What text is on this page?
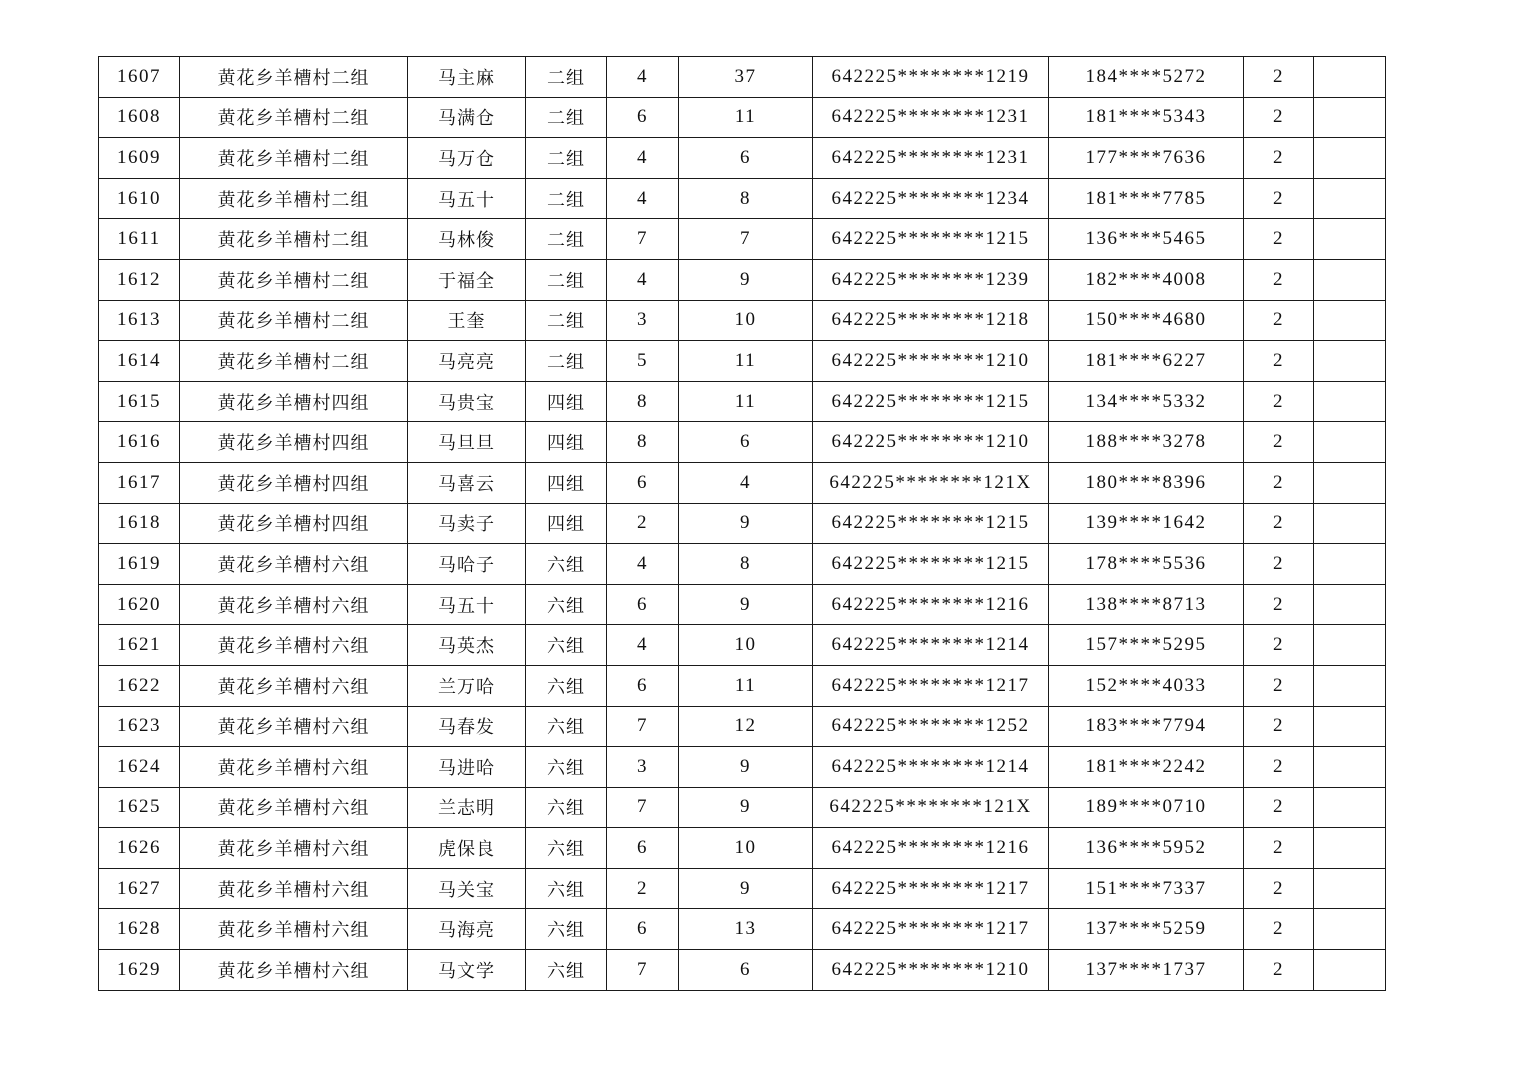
1607	黄花乡羊槽村二组	马主麻	二组	4	37	642225********1219	184****5272	2	
1608	黄花乡羊槽村二组	马满仓	二组	6	11	642225********1231	181****5343	2	
1609	黄花乡羊槽村二组	马万仓	二组	4	6	642225********1231	177****7636	2	
1610	黄花乡羊槽村二组	马五十	二组	4	8	642225********1234	181****7785	2	
1611	黄花乡羊槽村二组	马林俊	二组	7	7	642225********1215	136****5465	2	
1612	黄花乡羊槽村二组	于福全	二组	4	9	642225********1239	182****4008	2	
1613	黄花乡羊槽村二组	王奎	二组	3	10	642225********1218	150****4680	2	
1614	黄花乡羊槽村二组	马亮亮	二组	5	11	642225********1210	181****6227	2	
1615	黄花乡羊槽村四组	马贵宝	四组	8	11	642225********1215	134****5332	2	
1616	黄花乡羊槽村四组	马旦旦	四组	8	6	642225********1210	188****3278	2	
1617	黄花乡羊槽村四组	马喜云	四组	6	4	642225********121X	180****8396	2	
1618	黄花乡羊槽村四组	马卖子	四组	2	9	642225********1215	139****1642	2	
1619	黄花乡羊槽村六组	马哈子	六组	4	8	642225********1215	178****5536	2	
1620	黄花乡羊槽村六组	马五十	六组	6	9	642225********1216	138****8713	2	
1621	黄花乡羊槽村六组	马英杰	六组	4	10	642225********1214	157****5295	2	
1622	黄花乡羊槽村六组	兰万哈	六组	6	11	642225********1217	152****4033	2	
1623	黄花乡羊槽村六组	马春发	六组	7	12	642225********1252	183****7794	2	
1624	黄花乡羊槽村六组	马进哈	六组	3	9	642225********1214	181****2242	2	
1625	黄花乡羊槽村六组	兰志明	六组	7	9	642225********121X	189****0710	2	
1626	黄花乡羊槽村六组	虎保良	六组	6	10	642225********1216	136****5952	2	
1627	黄花乡羊槽村六组	马关宝	六组	2	9	642225********1217	151****7337	2	
1628	黄花乡羊槽村六组	马海亮	六组	6	13	642225********1217	137****5259	2	
1629	黄花乡羊槽村六组	马文学	六组	7	6	642225********1210	137****1737	2	
